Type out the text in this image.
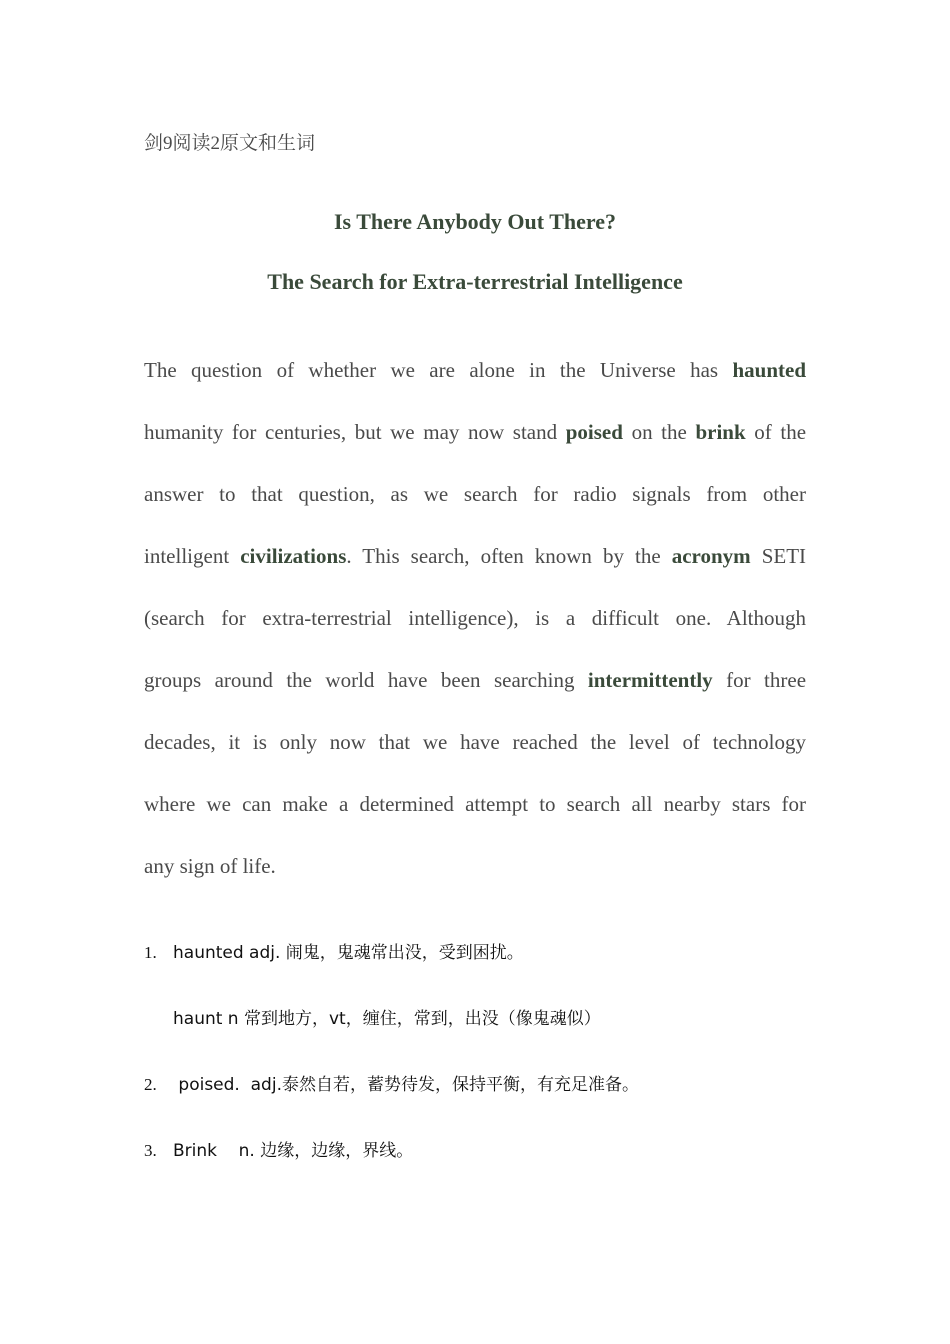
剑9阅读2原文和生词
Is There Anybody Out There?
The Search for Extra-terrestrial Intelligence
The question of whether we are alone in the Universe has haunted
humanity for centuries, but we may now stand poised on the brink of the
answer to that question, as we search for radio signals from other
intelligent civilizations. This search, often known by the acronym SETI
(search for extra-terrestrial intelligence), is a difficult one. Although
groups around the world have been searching intermittently for three
decades, it is only now that we have reached the level of technology
where we can make a determined attempt to search all nearby stars for
any sign of life.
1. haunted adj. 闹鬼，鬼魂常出没，受到困扰。
haunt n 常到地方，vt，缠住，常到，出没（像鬼魂似）
2. poised.  adj.泰然自若，蓄势待发，保持平衡，有充足准备。
3. Brink    n. 边缘，边缘，界线。
